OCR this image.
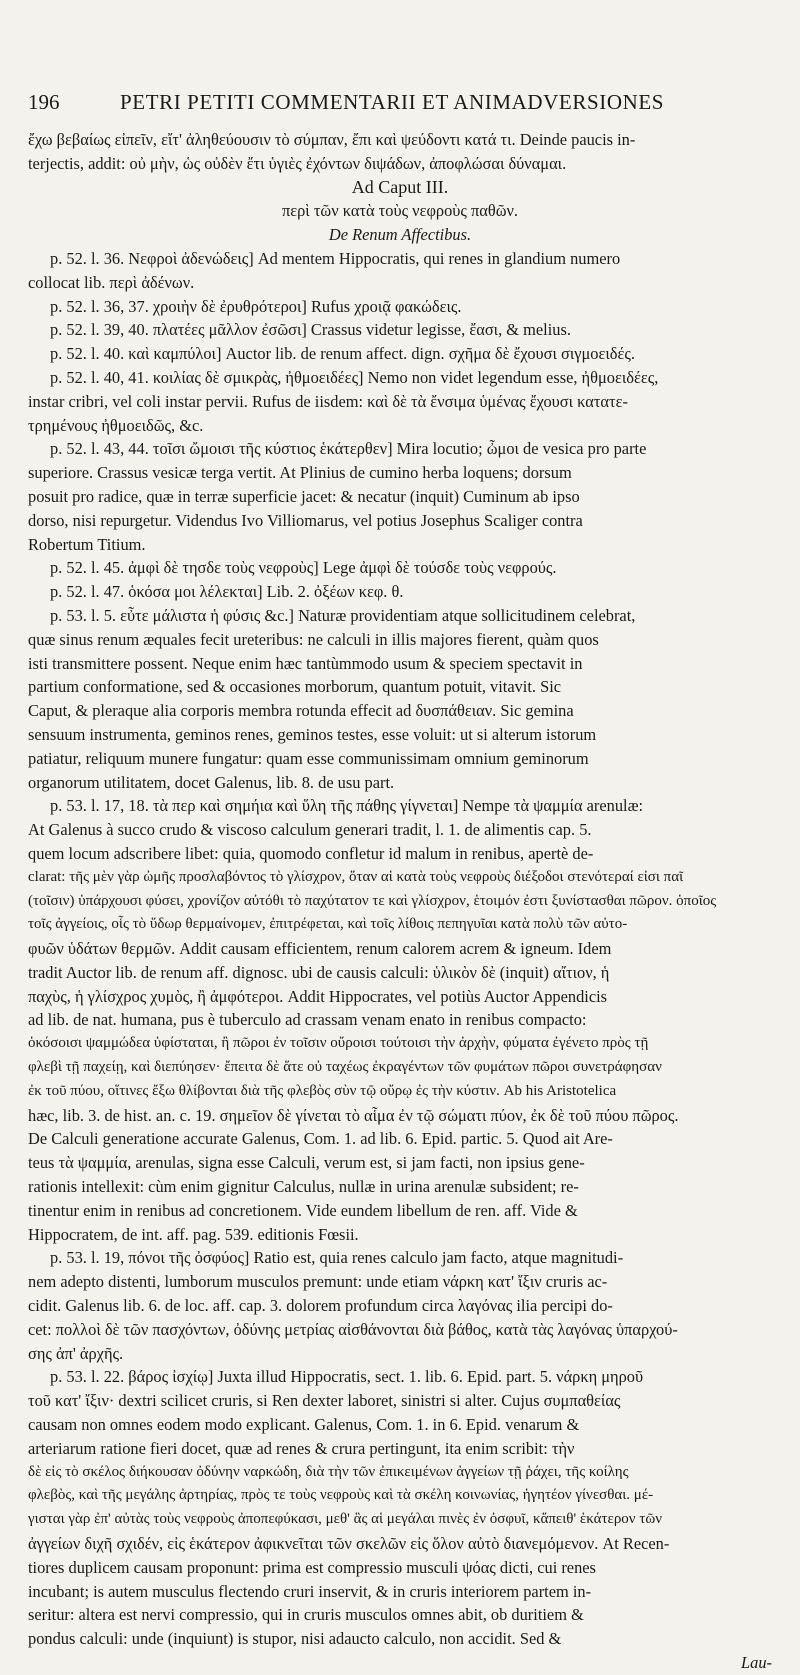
196	PETRI PETITI COMMENTARII ET ANIMADVERSIONES
ἔχω βεβαίως εἰπεῖν, εἴτ' ἀληθεύουσιν τὸ σύμπαν, ἔπι καὶ ψεύδοντι κατά τι. Deinde paucis in-
terjectis, addit: οὐ μὴν, ὡς οὐδὲν ἔτι ὑγιὲς ἐχόντων διψάδων, ἀποφλώσαι δύναμαι.
Ad Caput III.
περὶ τῶν κατὰ τοὺς νεφροὺς παθῶν.
De Renum Affectibus.
p. 52. l. 36. Νεφροὶ ἀδενώδεις] Ad mentem Hippocratis, qui renes in glandium numero
collocat lib. περὶ ἀδένων.
p. 52. l. 36, 37. χροιὴν δὲ ἐρυθρότεροι] Rufus χροιᾷ φακώδεις.
p. 52. l. 39, 40. πλατέες μᾶλλον ἐσῶσι] Crassus videtur legisse, ἔασι, & melius.
p. 52. l. 40. καὶ καμπύλοι] Auctor lib. de renum affect. dign. σχῆμα δὲ ἔχουσι σιγμοειδές.
p. 52. l. 40, 41. κοιλίας δὲ σμικρὰς, ἠθμοειδέες] Nemo non videt legendum esse, ἠθμοειδέες,
instar cribri, vel coli instar pervii. Rufus de iisdem: καὶ δὲ τὰ ἔνσιμα ὑμένας ἔχουσι κατατε-
τρημένους ἠθμοειδῶς, &c.
p. 52. l. 43, 44. τοῖσι ὤμοισι τῆς κύστιος ἑκάτερθεν] Mira locutio; ὦμοι de vesica pro parte
superiore. Crassus vesicæ terga vertit. At Plinius de cumino herba loquens; dorsum
posuit pro radice, quæ in terræ superficie jacet: & necatur (inquit) Cuminum ab ipso
dorso, nisi repurgetur. Videndus Ivo Villiomarus, vel potius Josephus Scaliger contra
Robertum Titium.
p. 52. l. 45. ἀμφὶ δὲ τησδε τοὺς νεφροὺς] Lege ἀμφὶ δὲ τούσδε τοὺς νεφρούς.
p. 52. l. 47. ὁκόσα μοι λέλεκται] Lib. 2. ὀξέων κεφ. θ.
p. 53. l. 5. εὖτε μάλιστα ἡ φύσις &c.] Naturæ providentiam atque sollicitudinem celebrat,
quæ sinus renum æquales fecit ureteribus: ne calculi in illis majores fierent, quàm quos
isti transmittere possent. Neque enim hæc tantùmmodo usum & speciem spectavit in
partium conformatione, sed & occasiones morborum, quantum potuit, vitavit. Sic
Caput, & pleraque alia corporis membra rotunda effecit ad δυσπάθειαν. Sic gemina
sensuum instrumenta, geminos renes, geminos testes, esse voluit: ut si alterum istorum
patiatur, reliquum munere fungatur: quam esse communissimam omnium geminorum
organorum utilitatem, docet Galenus, lib. 8. de usu part.
p. 53. l. 17, 18. τὰ περ καὶ σημήια καὶ ὕλη τῆς πάθης γίγνεται] Nempe τὰ ψαμμία arenulæ:
At Galenus à succo crudo & viscoso calculum generari tradit, l. 1. de alimentis cap. 5.
quem locum adscribere libet: quia, quomodo confletur id malum in renibus, apertè de-
clarat: τῆς μὲν γὰρ ὠμῆς προσλαβόντος τὸ γλίσχρον, ὅταν αἱ κατὰ τοὺς νεφροὺς διέξοδοι στενότεραί εἰσι παῖ
(τοῖσιν) ὑπάρχουσι φύσει, χρονίζον αὐτόθι τὸ παχύτατον τε καὶ γλίσχρον, ἑτοιμόν ἐστι ξυνίστασθαι πῶρον. ὁποῖος
τοῖς ἀγγείοις, οἷς τὸ ὕδωρ θερμαίνομεν, ἐπιτρέφεται, καὶ τοῖς λίθοις πεπηγυῖαι κατὰ πολὺ τῶν αὐτο-
φυῶν ὑδάτων θερμῶν. Addit causam efficientem, renum calorem acrem & igneum. Idem
tradit Auctor lib. de renum aff. dignosc. ubi de causis calculi: ὑλικὸν δὲ (inquit) αἴτιον, ἡ
παχὺς, ἡ γλίσχρος χυμὸς, ἢ ἀμφότεροι. Addit Hippocrates, vel potiùs Auctor Appendicis
ad lib. de nat. humana, pus è tuberculo ad crassam venam enato in renibus compacto:
ὁκόσοισι ψαμμώδεα ὑφίσταται, ἢ πῶροι ἐν τοῖσιν οὔροισι τούτοισι τὴν ἀρχὴν, φύματα ἐγένετο πρὸς τῇ
φλεβὶ τῇ παχείῃ, καὶ διεπύησεν· ἔπειτα δὲ ἅτε οὐ ταχέως ἐκραγέντων τῶν φυμάτων πῶροι συνετράφησαν
ἐκ τοῦ πύου, οἵτινες ἔξω θλίβονται διὰ τῆς φλεβὸς σὺν τῷ οὔρῳ ἐς τὴν κύστιν. Ab his Aristotelica
hæc, lib. 3. de hist. an. c. 19. σημεῖον δὲ γίνεται τὸ αἷμα ἐν τῷ σώματι πύον, ἐκ δὲ τοῦ πύου πῶρος.
De Calculi generatione accurate Galenus, Com. 1. ad lib. 6. Epid. partic. 5. Quod ait Are-
teus τὰ ψαμμία, arenulas, signa esse Calculi, verum est, si jam facti, non ipsius gene-
rationis intellexit: cùm enim gignitur Calculus, nullæ in urina arenulæ subsident; re-
tinentur enim in renibus ad concretionem. Vide eundem libellum de ren. aff. Vide &
Hippocratem, de int. aff. pag. 539. editionis Fœsii.
p. 53. l. 19, πόνοι τῆς ὀσφύος] Ratio est, quia renes calculo jam facto, atque magnitudi-
nem adepto distenti, lumborum musculos premunt: unde etiam νάρκη κατ' ἴξιν cruris ac-
cidit. Galenus lib. 6. de loc. aff. cap. 3. dolorem profundum circa λαγόνας ilia percipi do-
cet: πολλοὶ δὲ τῶν πασχόντων, ὀδύνης μετρίας αἰσθάνονται διὰ βάθος, κατὰ τὰς λαγόνας ὑπαρχού-
σης ἀπ' ἀρχῆς.
p. 53. l. 22. βάρος ἰσχίῳ] Juxta illud Hippocratis, sect. 1. lib. 6. Epid. part. 5. νάρκη μηροῦ
τοῦ κατ' ἴξιν· dextri scilicet cruris, si Ren dexter laboret, sinistri si alter. Cujus συμπαθείας
causam non omnes eodem modo explicant. Galenus, Com. 1. in 6. Epid. venarum &
arteriarum ratione fieri docet, quæ ad renes & crura pertingunt, ita enim scribit: τὴν
δὲ εἰς τὸ σκέλος διήκουσαν ὀδύνην ναρκώδη, διὰ τὴν τῶν ἐπικειμένων ἀγγείων τῇ ῥάχει, τῆς κοίλης
φλεβὸς, καὶ τῆς μεγάλης ἀρτηρίας, πρὸς τε τοὺς νεφροὺς καὶ τὰ σκέλη κοινωνίας, ἡγητέον γίνεσθαι. μέ-
γισται γὰρ ἐπ' αὐτὰς τοὺς νεφροὺς ἀποπεφύκασι, μεθ' ἃς αἱ μεγάλαι πινὲς ἐν ὀσφυῖ, κἄπειθ' ἑκάτερον τῶν
ἀγγείων διχῆ σχιδέν, εἰς ἑκάτερον ἀφικνεῖται τῶν σκελῶν εἰς ὅλον αὐτὸ διανεμόμενον. At Recen-
tiores duplicem causam proponunt: prima est compressio musculi ψόας dicti, cui renes
incubant; is autem musculus flectendo cruri inservit, & in cruris interiorem partem in-
seritur: altera est nervi compressio, qui in cruris musculos omnes abit, ob duritiem &
pondus calculi: unde (inquiunt) is stupor, nisi adaucto calculo, non accidit. Sed &
Lau-
